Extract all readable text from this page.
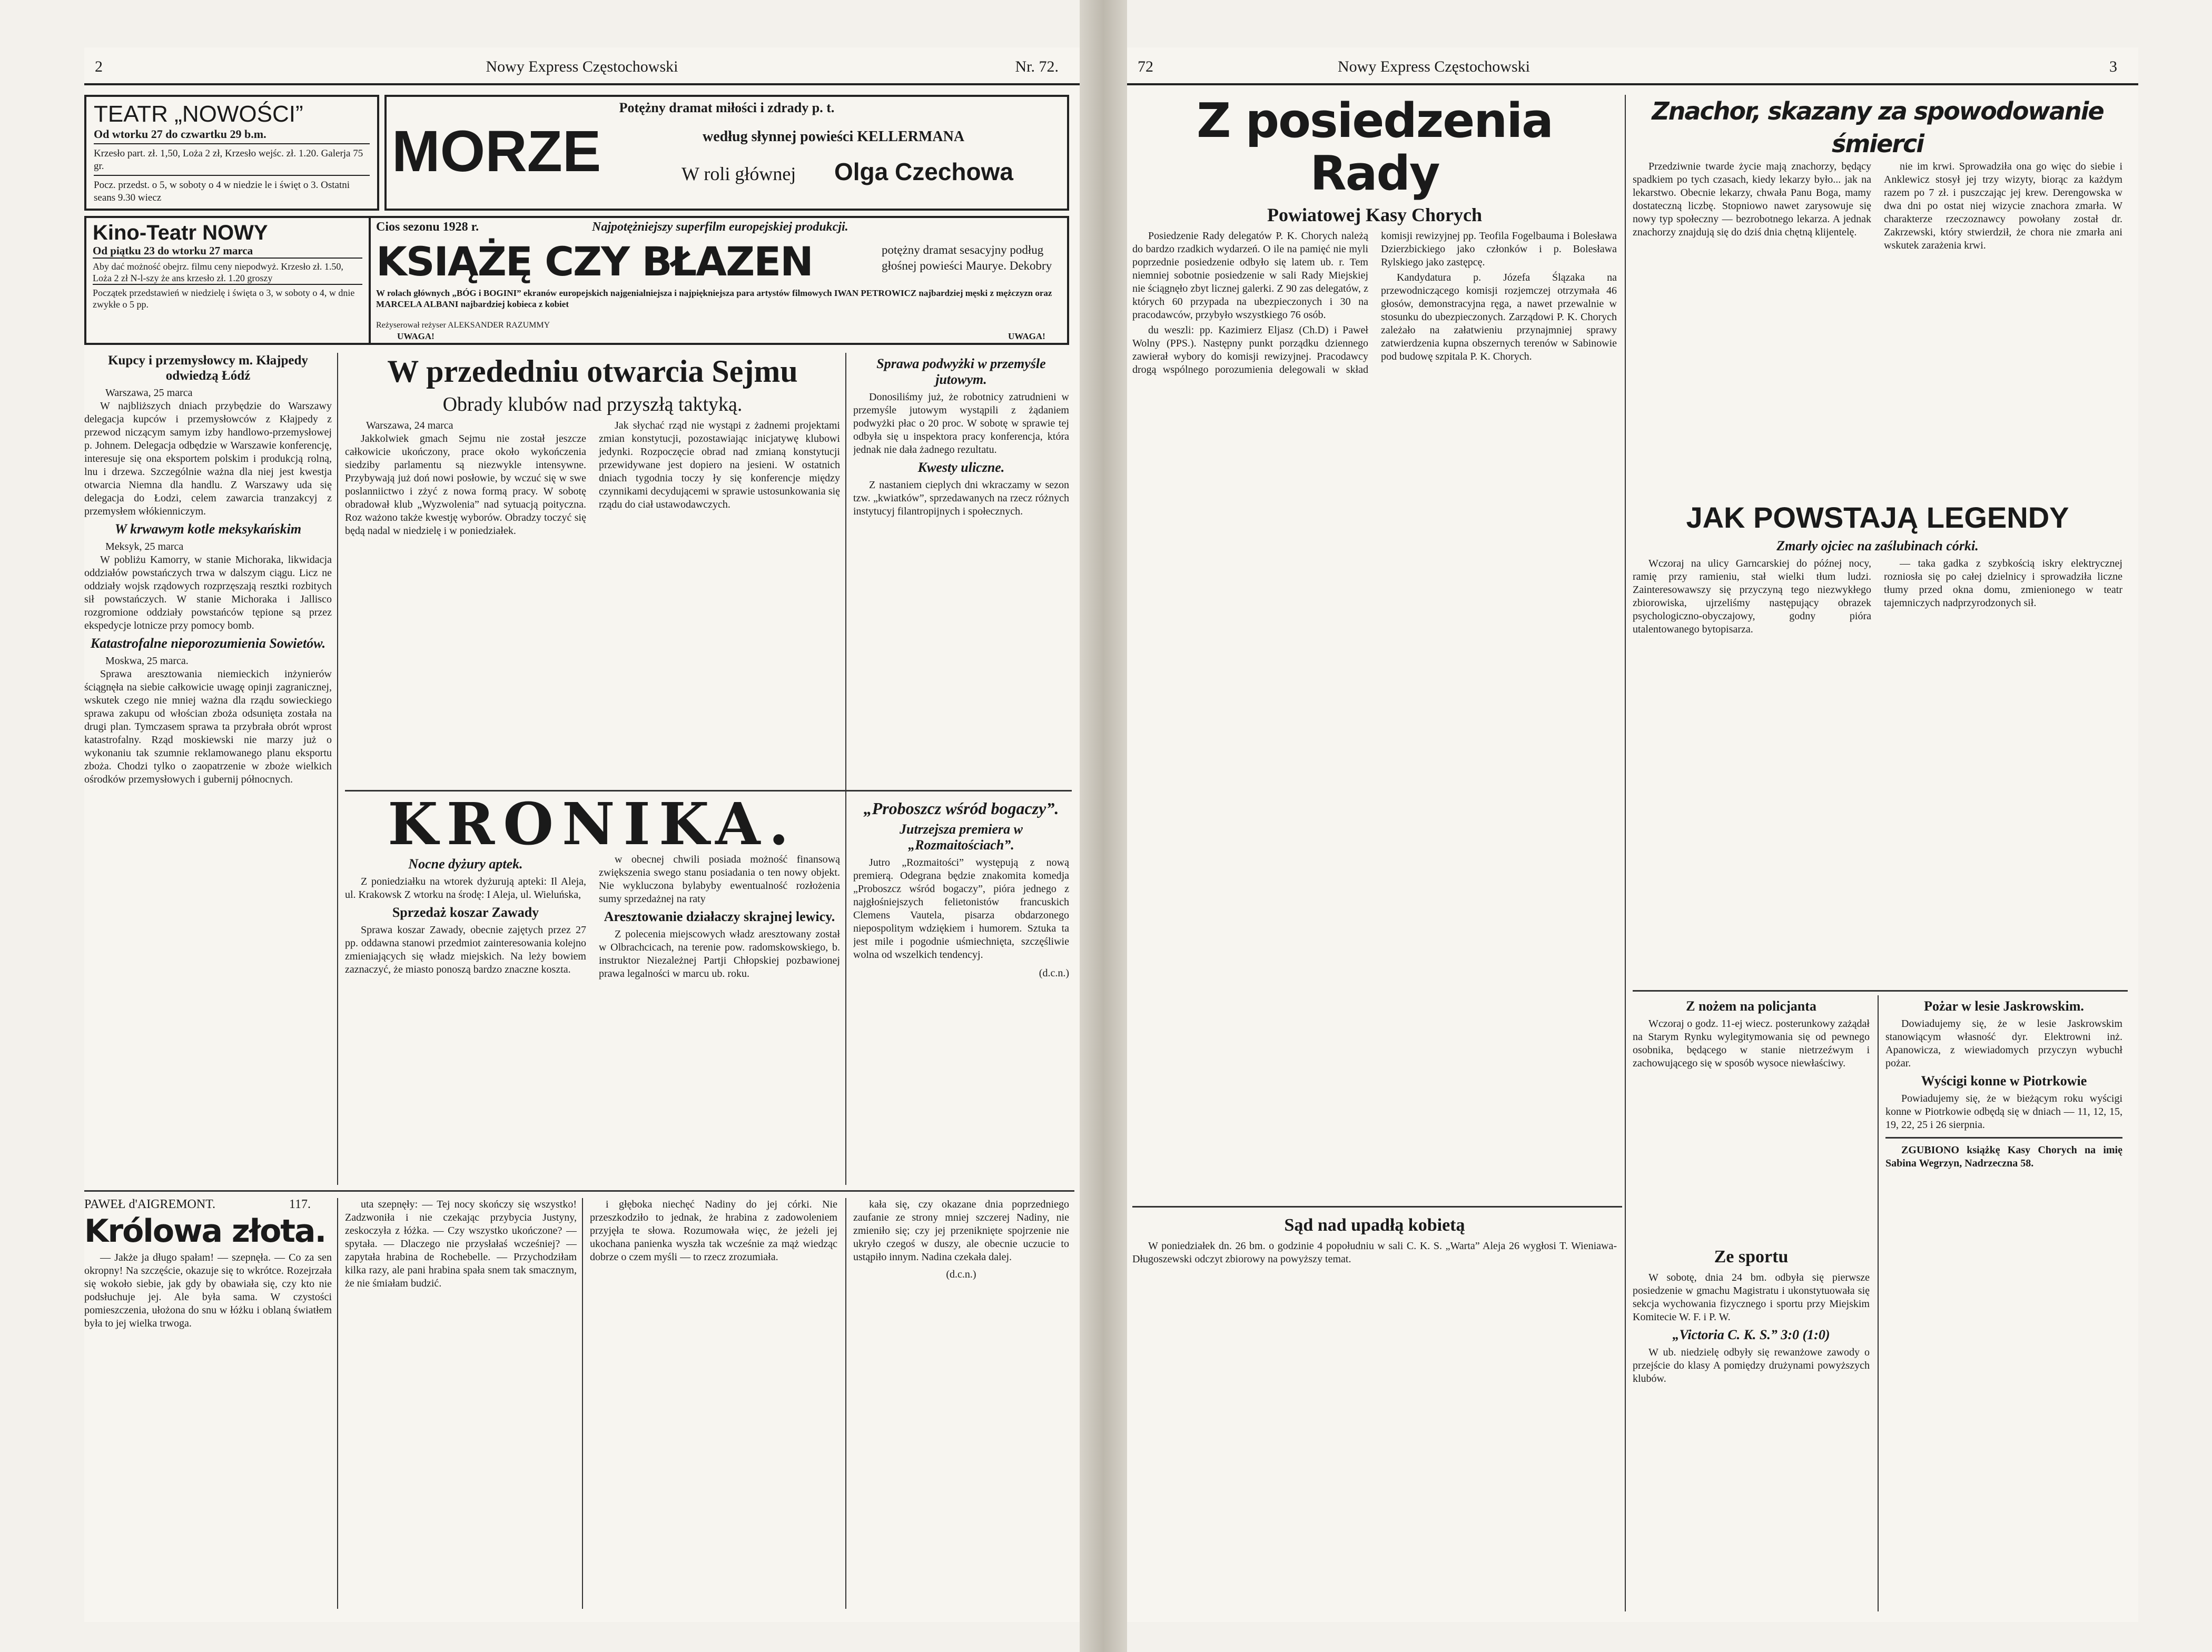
2	Nowy Express Częstochowski	Nr. 72.
TEATR „NOWOŚCI”
Od wtorku 27 do czwartku 29 b.m.
Krzesło part. zł. 1,50, Loża 2 zł, Krzesło wejśc. zł. 1.20. Galerja 75 gr.
Pocz. przedst. o 5, w soboty o 4 w niedzie le i święt o 3. Ostatni seans 9.30 wiecz
Potężny dramat miłości i zdrady p. t.
MORZE	według słynnej powieści KELLERMANA
W roli głównej Olga Czechowa
Kino-Teatr NOWY
Od piątku 23 do wtorku 27 marca
Aby dać możność obejrz. filmu ceny niepodwyż. Krzesło zł. 1.50, Loża 2 zł N-l-szy że ans krzesło zł. 1.20 groszy
Początek przedstawień w niedzielę i święta o 3, w soboty o 4, w dnie zwykłe o 5 pp.
Cios sezonu 1928 r.	Najpotężniejszy superfilm europejskiej produkcji.
KSIĄŻĘ CZY BŁAZEN	potężny dramat sesacyjny podług głośnej powieści Maurye. Dekobry
W rolach głównych „BÓG i BOGINI” ekranów europejskich najgenialniejsza i najpiękniejsza para artystów filmowych IWAN PETROWICZ najbardziej męski z mężczyzn oraz MARCELA ALBANI najbardziej kobieca z kobiet
Reżyserował reżyser ALEKSANDER RAZUMMY
UWAGA!	UWAGA!
Kupcy i przemysłowcy m. Kłajpedy odwiedzą Łódź
Warszawa, 25 marca

W najbliższych dniach przybędzie do Warszawy delegacja kupców i przemysłowców z Kłajpedy z przewod niczącym samym izby handlowo-przemysłowej p. Johnem. Delegacja odbędzie w Warszawie konferencję, interesuje się ona eksportem polskim i produkcją rolną, lnu i drzewa. Szczególnie ważna dla niej jest kwestja otwarcia Niemna dla handlu. Z Warszawy uda się delegacja do Łodzi, celem zawarcia tranzakcyj z przemysłem włókienniczym.

W krwawym kotle meksykańskim
Meksyk, 25 marca

W pobliżu Kamorry, w stanie Michoraka, likwidacja oddziałów powstańczych trwa w dalszym ciągu. Licz ne oddziały wojsk rządowych rozprzęszają resztki rozbitych sił powstańczych. W stanie Michoraka i Jallisco rozgromione oddziały powstańców tępione są przez ekspedycje lotnicze przy pomocy bomb.

Katastrofalne nieporozumienia Sowietów.
Moskwa, 25 marca.

Sprawa aresztowania niemieckich inżynierów ściągnęła na siebie całkowicie uwagę opinji zagranicznej, wskutek czego nie mniej ważna dla rządu sowieckiego sprawa zakupu od włościan zboża odsunięta została na drugi plan. Tymczasem sprawa ta przybrała obrót wprost katastrofalny. Rząd moskiewski nie marzy już o wykonaniu tak szumnie reklamowanego planu eksportu zboża. Chodzi tylko o zaopatrzenie w zboże wielkich ośrodków przemysłowych i gubernij północnych.

W przededniu otwarcia Sejmu
Obrady klubów nad przyszłą taktyką.
Warszawa, 24 marca

Jakkolwiek gmach Sejmu nie został jeszcze całkowicie ukończony, prace około wykończenia siedziby parlamentu są niezwykle intensywne. Przybywają już doń nowi posłowie, by wczuć się w swe poslanniictwo i zżyć z nowa formą pracy. W sobotę obradował klub „Wyzwolenia” nad sytuacją poityczna. Roz ważono także kwestję wyborów. Obradzy toczyć się będą nadal w niedzielę i w poniedziałek.

Jak słychać rząd nie wystąpi z żadnemi projektami zmian konstytucji, pozostawiając inicjatywę klubowi jedynki. Rozpoczęcie obrad nad zmianą konstytucji przewidywane jest dopiero na jesieni. W ostatnich dniach tygodnia toczy ły się konferencje między czynnikami decydującemi w sprawie ustosunkowania się rządu do ciał ustawodawczych.

Sprawa podwyżki w przemyśle jutowym.

Donosiliśmy już, że robotnicy zatrudnieni w przemyśle jutowym wystąpili z żądaniem podwyżki płac o 20 proc. W sobotę w sprawie tej odbyła się u inspektora pracy konferencja, która jednak nie dała żadnego rezultatu.

Kwesty uliczne.

Z nastaniem cieplych dni wkraczamy w sezon tzw. „kwiatków”, sprzedawanych na rzecz różnych instytucyj filantropijnych i społecznych.

KRONIKA.
Nocne dyżury aptek.

Z poniedziałku na wtorek dyżurują apteki: Il Aleja, ul. Krakowsk Z wtorku na środę: I Aleja, ul. Wieluńska,

Sprzedaż koszar Zawady

Sprawa koszar Zawady, obecnie zajętych przez 27 pp. oddawna stanowi przedmiot zainteresowania kolejno zmieniających się władz miejskich. Na leży bowiem zaznaczyć, że miasto ponoszą bardzo znaczne koszta.

w obecnej chwili posiada możność finansową zwiększenia swego stanu posiadania o ten nowy objekt. Nie wykluczona bylabyby ewentualność rozłożenia sumy sprzedażnej na raty

Aresztowanie działaczy skrajnej lewicy.

Z polecenia miejscowych władz aresztowany został w Olbrachcicach, na terenie pow. radomskowskiego, b. instruktor Niezależnej Partji Chłopskiej pozbawionej prawa legalności w marcu ub. roku.

„Proboszcz wśród bogaczy”.
Jutrzejsza premiera w „Rozmaitościach”.

Jutro „Rozmaitości” występują z nową premierą. Odegrana będzie znakomita komedja „Proboszcz wśród bogaczy”, pióra jednego z najgłośniejszych felietonistów francuskich Clemens Vautela, pisarza obdarzonego niepospolitym wdziękiem i humorem. Sztuka ta jest mile i pogodnie uśmiechnięta, szczęśliwie wolna od wszelkich tendencyj.

(d.c.n.)
PAWEŁ d'AIGREMONT.	117.
Królowa złota.

— Jakże ja długo spałam! — szepnęła. — Co za sen okropny! Na szczęście, okazuje się to wkrótce. Rozejrzała się wokoło siebie, jak gdy by obawiała się, czy kto nie podsłuchuje jej. Ale była sama. W czystości pomieszczenia, ułożona do snu w łóżku i oblaną światłem była to jej wielka trwoga.

uta szepnęły: — Tej nocy skończy się wszystko! Zadzwoniła i nie czekając przybycia Justyny, zeskoczyła z łóżka. — Czy wszystko ukończone? — spytała. — Dlaczego nie przysłałaś wcześniej? — zapytała hrabina de Rochebelle. — Przychodziłam kilka razy, ale pani hrabina spała snem tak smacznym, że nie śmiałam budzić.

i głęboka niechęć Nadiny do jej córki. Nie przeszkodziło to jednak, że hrabina z zadowoleniem przyjęła te słowa. Rozumowała więc, że jeżeli jej ukochana panienka wyszła tak wcześnie za mąż wiedząc dobrze o czem myśli — to rzecz zrozumiała.

kała się, czy okazane dnia poprzedniego zaufanie ze strony mniej szczerej Nadiny, nie zmieniło się; czy jej przeniknięte spojrzenie nie ukryło czegoś w duszy, ale obecnie uczucie to ustąpiło innym. Nadina czekała dalej.

(d.c.n.)
72	Nowy Express Częstochowski	3
Z posiedzenia Rady
Powiatowej Kasy Chorych

Posiedzenie Rady delegatów P. K. Chorych należą do bardzo rzadkich wydarzeń. O ile na pamięć nie myli poprzednie posiedzenie odbyło się latem ub. r. Tem niemniej sobotnie posiedzenie w sali Rady Miejskiej nie ściągnęło zbyt licznej galerki. Z 90 zas delegatów, z których 60 przypada na ubezpieczonych i 30 na pracodawców, przybyło wszystkiego 76 osób.

du weszli: pp. Kazimierz Eljasz (Ch.D) i Paweł Wolny (PPS.). Następny punkt porządku dziennego zawierał wybory do komisji rewizyjnej. Pracodawcy drogą wspólnego porozumienia delegowali w skład komisji rewizyjnej pp. Teofila Fogelbauma i Bolesława Dzierzbickiego jako członków i p. Bolesława Rylskiego jako zastępcę.

Kandydatura p. Józefa Ślązaka na przewodniczącego komisji rozjemczej otrzymała 46 głosów, demonstracyjna ręga, a nawet przewalnie w stosunku do ubezpieczonych. Zarządowi P. K. Chorych zależało na załatwieniu przynajmniej sprawy zatwierdzenia kupna obszernych terenów w Sabinowie pod budowę szpitala P. K. Chorych.

Znachor, skazany za spowodowanie śmierci

Przedziwnie twarde życie mają znachorzy, będący spadkiem po tych czasach, kiedy lekarzy było... jak na lekarstwo. Obecnie lekarzy, chwała Panu Boga, mamy dostateczną liczbę. Stopniowo nawet zarysowuje się nowy typ społeczny — bezrobotnego lekarza. A jednak znachorzy znajdują się do dziś dnia chętną klijentelę.

nie im krwi. Sprowadziła ona go więc do siebie i Anklewicz stosył jej trzy wizyty, biorąc za każdym razem po 7 zł. i puszczając jej krew. Derengowska w dwa dni po ostat niej wizycie znachora zmarła. W charakterze rzeczoznawcy powołany został dr. Zakrzewski, który stwierdził, że chora nie zmarła ani wskutek zarażenia krwi.

JAK POWSTAJĄ LEGENDY
Zmarły ojciec na zaślubinach córki.

Wczoraj na ulicy Garncarskiej do późnej nocy, ramię przy ramieniu, stał wielki tłum ludzi. Zainteresowawszy się przyczyną tego niezwykłego zbiorowiska, ujrzeliśmy następujący obrazek psychologiczno-obyczajowy, godny pióra utalentowanego bytopisarza.

— taka gadka z szybkością iskry elektrycznej rozniosła się po całej dzielnicy i sprowadziła liczne tłumy przed okna domu, zmienionego w teatr tajemniczych nadprzyrodzonych sił.

Sąd nad upadłą kobietą

W poniedziałek dn. 26 bm. o godzinie 4 popołudniu w sali C. K. S. „Warta” Aleja 26 wygłosi T. Wieniawa-Długoszewski odczyt zbiorowy na powyższy temat.

Z nożem na policjanta

Wczoraj o godz. 11-ej wiecz. posterunkowy zażądał na Starym Rynku wylegitymowania się od pewnego osobnika, będącego w stanie nietrzeźwym i zachowującego się w sposób wysoce niewłaściwy.

Ze sportu

W sobotę, dnia 24 bm. odbyła się pierwsze posiedzenie w gmachu Magistratu i ukonstytuowała się sekcja wychowania fizycznego i sportu przy Miejskim Komitecie W. F. i P. W.

„Victoria C. K. S.” 3:0 (1:0)

W ub. niedzielę odbyły się rewanżowe zawody o przejście do klasy A pomiędzy drużynami powyższych klubów.

Pożar w lesie Jaskrowskim.

Dowiadujemy się, że w lesie Jaskrowskim stanowiącym własność dyr. Elektrowni inż. Apanowicza, z wiewiadomych przyczyn wybuchł pożar.

Wyścigi konne w Piotrkowie

Powiadujemy się, że w bieżącym roku wyścigi konne w Piotrkowie odbędą się w dniach — 11, 12, 15, 19, 22, 25 i 26 sierpnia.

ZGUBIONO książkę Kasy Chorych na imię Sabina Wegrzyn, Nadrzeczna 58.
